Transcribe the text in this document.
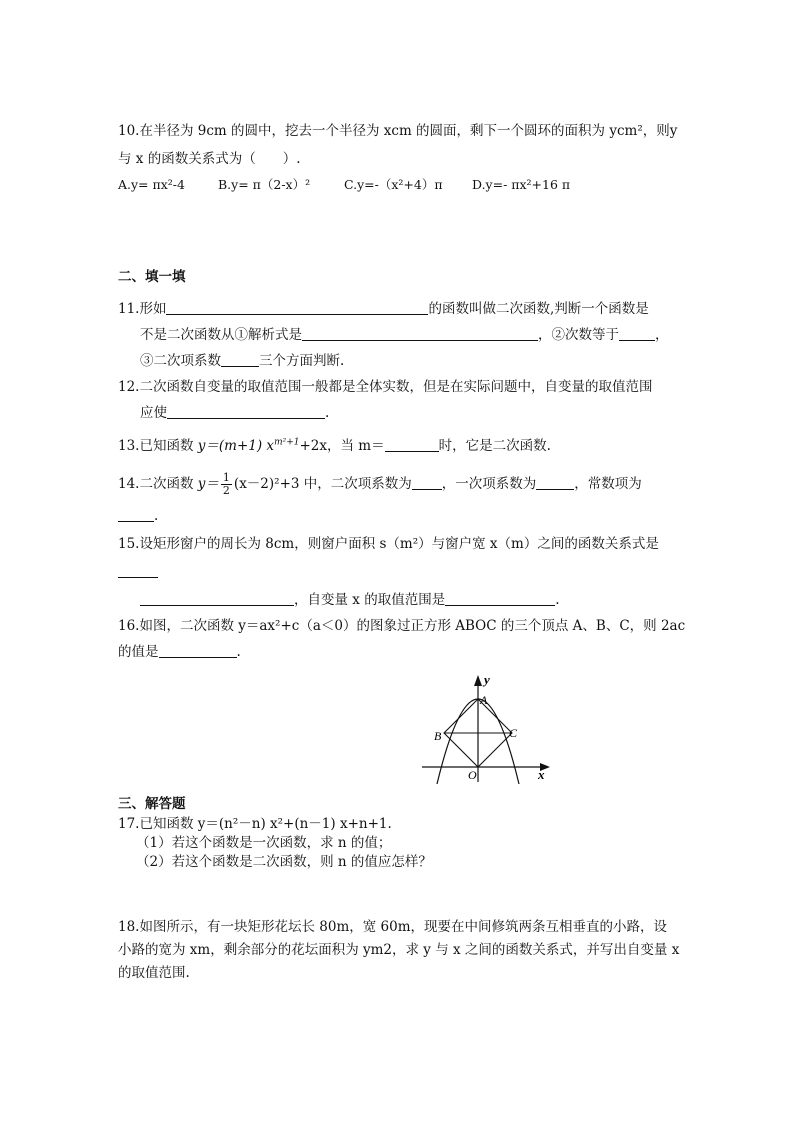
10.在半径为 9cm 的圆中，挖去一个半径为 xcm 的圆面，剩下一个圆环的面积为 ycm²，则y
与 x 的函数关系式为（　　）.
A.y= πx²-4	B.y= π（2-x）²	C.y=-（x²+4）π D.y=- πx²+16 π
二、填一填
11.形如	的函数叫做二次函数,判断一个函数是
不是二次函数从①解析式是	，②次数等于	，
③二次项系数	三个方面判断.
12.二次函数自变量的取值范围一般都是全体实数，但是在实际问题中，自变量的取值范围
应使	.
13.已知函数 y＝(m+1) $x^{m^2+1}+2x$，当 m＝	时，它是二次函数.
14.二次函数 $y= \frac{1}{2} (x-2)^2+3$ 中，二次项系数为 ，一次项系数为	，常数项为
.
15.设矩形窗户的周长为 8cm，则窗户面积 s（m²）与窗户宽 x（m）之间的函数关系式是
，自变量 x 的取值范围是	.
16.如图，二次函数 y＝ax²+c（a＜0）的图象过正方形 ABOC 的三个顶点 A、B、C，则 2ac
的值是	.
y
x
A
B	C
O
三、解答题
17.已知函数 y＝(n²－n) x²+(n－1) x+n+1.
（1）若这个函数是一次函数，求 n 的值；
（2）若这个函数是二次函数，则 n 的值应怎样？
18.如图所示，有一块矩形花坛长 80m，宽 60m，现要在中间修筑两条互相垂直的小路，设
小路的宽为 xm，剩余部分的花坛面积为 ym2，求 y 与 x 之间的函数关系式，并写出自变量 x
的取值范围.
